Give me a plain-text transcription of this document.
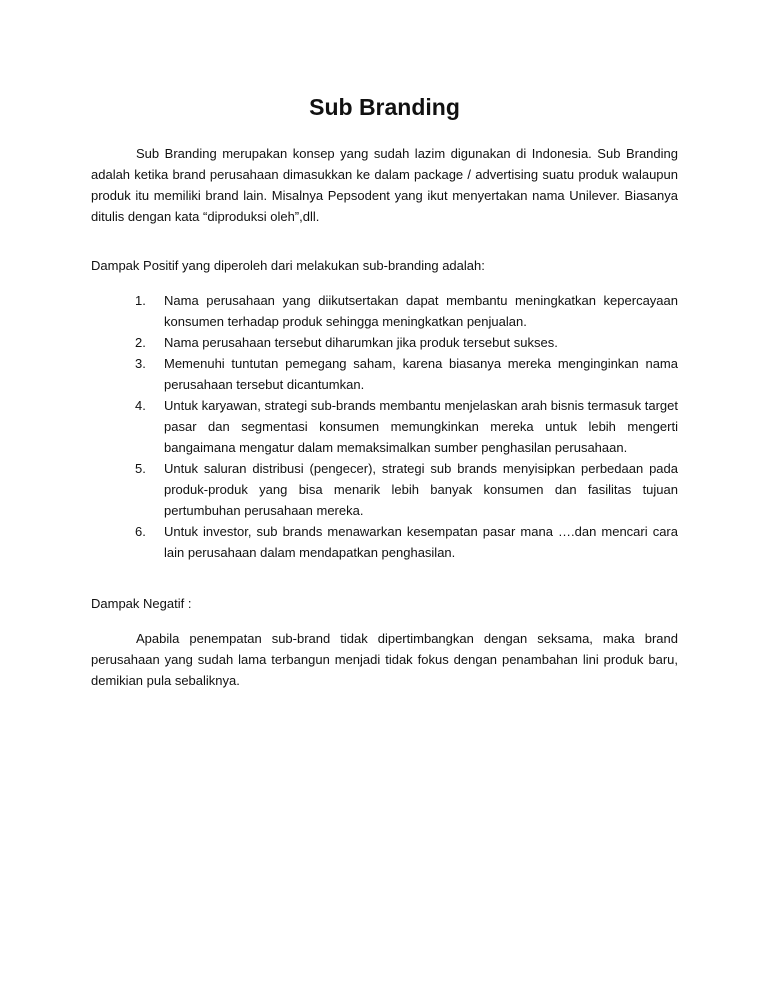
Sub Branding

Sub Branding merupakan konsep yang sudah lazim digunakan di Indonesia. Sub Branding adalah ketika brand perusahaan dimasukkan ke dalam package / advertising suatu produk walaupun produk itu memiliki brand lain. Misalnya Pepsodent yang ikut menyertakan nama Unilever. Biasanya ditulis dengan kata “diproduksi oleh”,dll.

Dampak Positif yang diperoleh dari melakukan sub-branding adalah:

1. Nama perusahaan yang diikutsertakan dapat membantu meningkatkan kepercayaan konsumen terhadap produk sehingga meningkatkan penjualan.
2. Nama perusahaan tersebut diharumkan jika produk tersebut sukses.
3. Memenuhi tuntutan pemegang saham, karena biasanya mereka menginginkan nama perusahaan tersebut dicantumkan.
4. Untuk karyawan, strategi sub-brands membantu menjelaskan arah bisnis termasuk target pasar dan segmentasi konsumen memungkinkan mereka untuk lebih mengerti bangaimana mengatur dalam memaksimalkan sumber penghasilan perusahaan.
5. Untuk saluran distribusi (pengecer), strategi sub brands menyisipkan perbedaan pada produk-produk yang bisa menarik lebih banyak konsumen dan fasilitas tujuan pertumbuhan perusahaan mereka.
6. Untuk investor, sub brands menawarkan kesempatan pasar mana ….dan mencari cara lain perusahaan dalam mendapatkan penghasilan.

Dampak Negatif :

Apabila penempatan sub-brand tidak dipertimbangkan dengan seksama, maka brand perusahaan yang sudah lama terbangun menjadi tidak fokus dengan penambahan lini produk baru, demikian pula sebaliknya.
